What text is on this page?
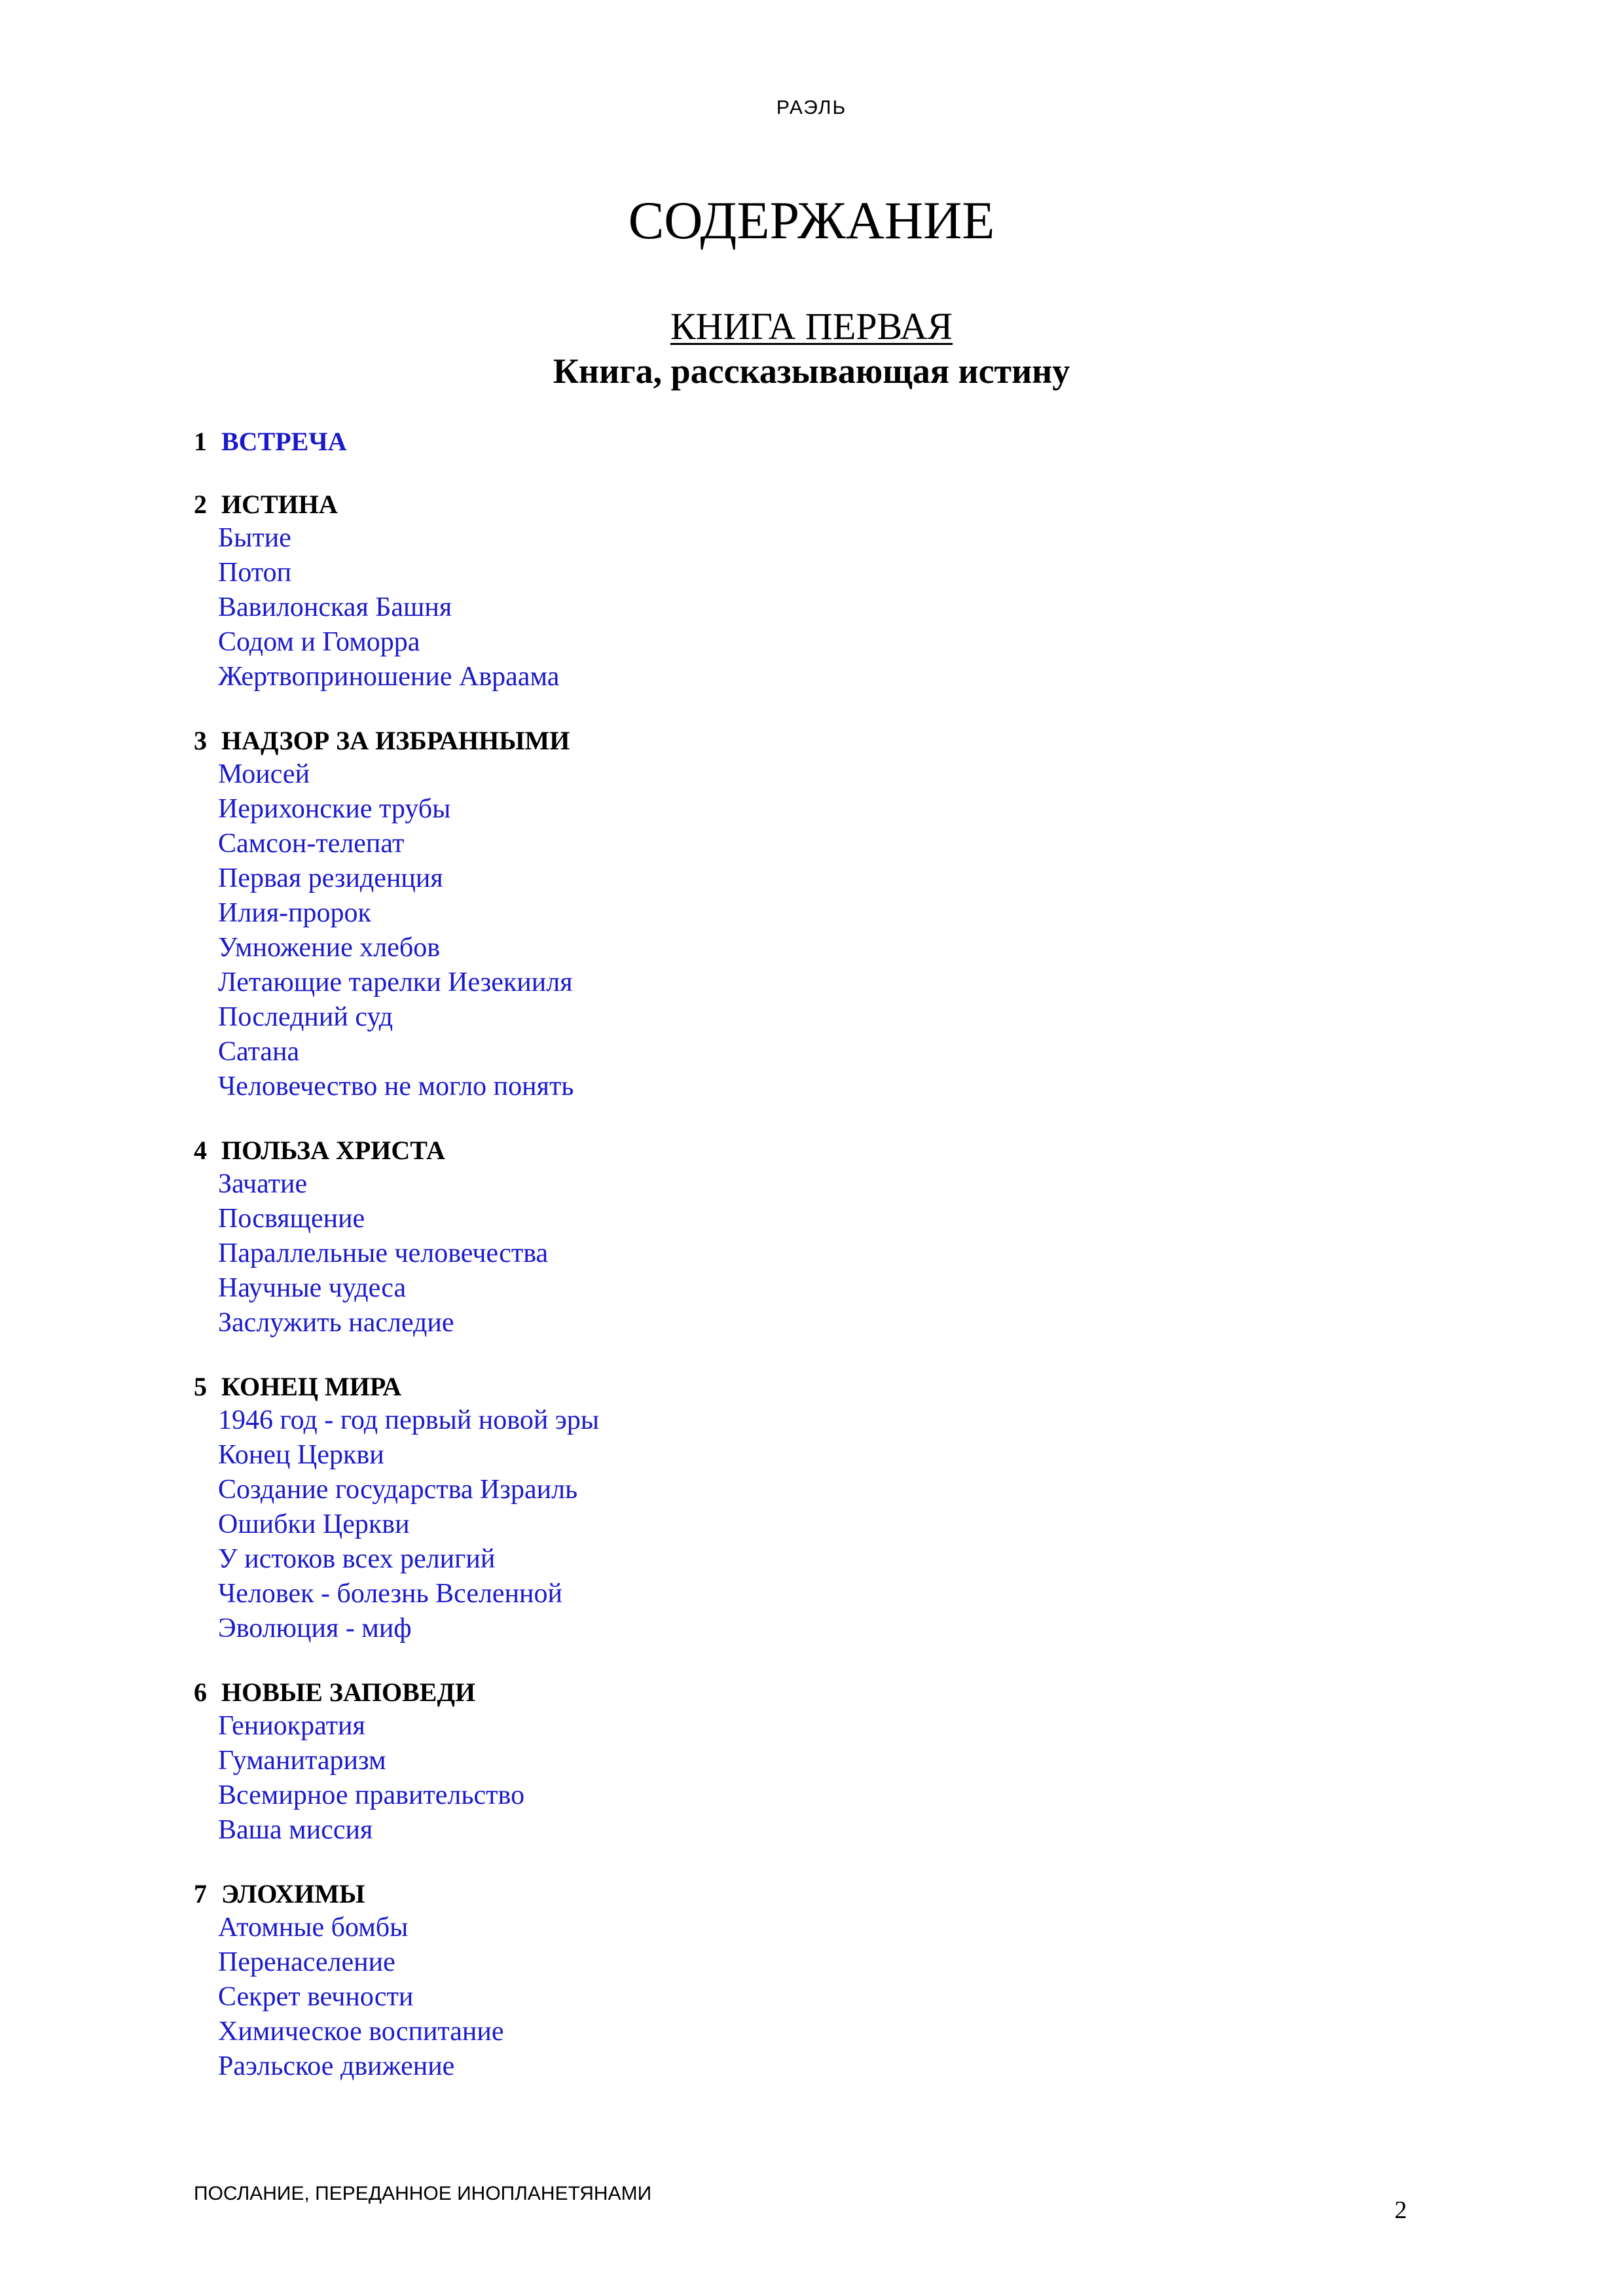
РАЭЛЬ
СОДЕРЖАНИЕ
КНИГА ПЕРВАЯ
Книга, рассказывающая истину
1 ВСТРЕЧА
2 ИСТИНА
Бытие
Потоп
Вавилонская Башня
Содом и Гоморра
Жертвоприношение Авраама
3 НАДЗОР ЗА ИЗБРАННЫМИ
Моисей
Иерихонские трубы
Самсон-телепат
Первая резиденция
Илия-пророк
Умножение хлебов
Летающие тарелки Иезекииля
Последний суд
Сатана
Человечество не могло понять
4 ПОЛЬЗА ХРИСТА
Зачатие
Посвящение
Параллельные человечества
Научные чудеса
Заслужить наследие
5 КОНЕЦ МИРА
1946 год - год первый новой эры
Конец Церкви
Создание государства Израиль
Ошибки Церкви
У истоков всех религий
Человек - болезнь Вселенной
Эволюция - миф
6 НОВЫЕ ЗАПОВЕДИ
Гениократия
Гуманитаризм
Всемирное правительство
Ваша миссия
7 ЭЛОХИМЫ
Атомные бомбы
Перенаселение
Секрет вечности
Химическое воспитание
Раэльское движение
ПОСЛАНИЕ, ПЕРЕДАННОЕ ИНОПЛАНЕТЯНАМИ
2
